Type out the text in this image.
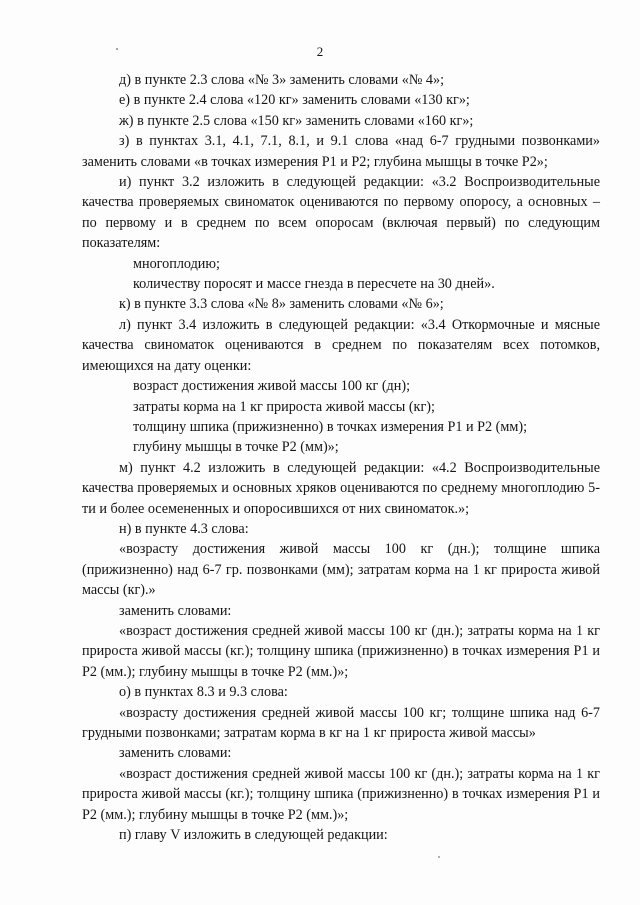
2

д) в пункте 2.3 слова «№ 3» заменить словами «№ 4»;

е) в пункте 2.4 слова «120 кг» заменить словами «130 кг»;

ж) в пункте 2.5 слова «150 кг» заменить словами «160 кг»;

з) в пунктах 3.1, 4.1, 7.1, 8.1, и 9.1 слова «над 6-7 грудными позвонками» заменить словами «в точках измерения Р1 и Р2; глубина мышцы в точке Р2»;

и) пункт 3.2 изложить в следующей редакции: «3.2 Воспроизводительные качества проверяемых свиноматок оцениваются по первому опоросу, а основных – по первому и в среднем по всем опоросам (включая первый) по следующим показателям:

многоплодию;

количеству поросят и массе гнезда в пересчете на 30 дней».

к) в пункте 3.3 слова «№ 8» заменить словами «№ 6»;

л) пункт 3.4 изложить в следующей редакции: «3.4 Откормочные и мясные качества свиноматок оцениваются в среднем по показателям всех потомков, имеющихся на дату оценки:

возраст достижения живой массы 100 кг (дн);

затраты корма на 1 кг прироста живой массы (кг);

толщину шпика (прижизненно) в точках измерения Р1 и Р2 (мм);

глубину мышцы в точке Р2 (мм)»;

м) пункт 4.2 изложить в следующей редакции: «4.2 Воспроизводительные качества проверяемых и основных хряков оцениваются по среднему многоплодию 5-ти и более осемененных и опоросившихся от них свиноматок.»;

н) в пункте 4.3 слова:

«возрасту достижения живой массы 100 кг (дн.); толщине шпика (прижизненно) над 6-7 гр. позвонками (мм); затратам корма на 1 кг прироста живой массы (кг).»

заменить словами:

«возраст достижения средней живой массы 100 кг (дн.); затраты корма на 1 кг прироста живой массы (кг.); толщину шпика (прижизненно) в точках измерения Р1 и Р2 (мм.); глубину мышцы в точке Р2 (мм.)»;

о) в пунктах 8.3 и 9.3 слова:

«возрасту достижения средней живой массы 100 кг; толщине шпика над 6-7 грудными позвонками; затратам корма в кг на 1 кг прироста живой массы»

заменить словами:

«возраст достижения средней живой массы 100 кг (дн.); затраты корма на 1 кг прироста живой массы (кг.); толщину шпика (прижизненно) в точках измерения Р1 и Р2 (мм.); глубину мышцы в точке Р2 (мм.)»;

п) главу V изложить в следующей редакции:
